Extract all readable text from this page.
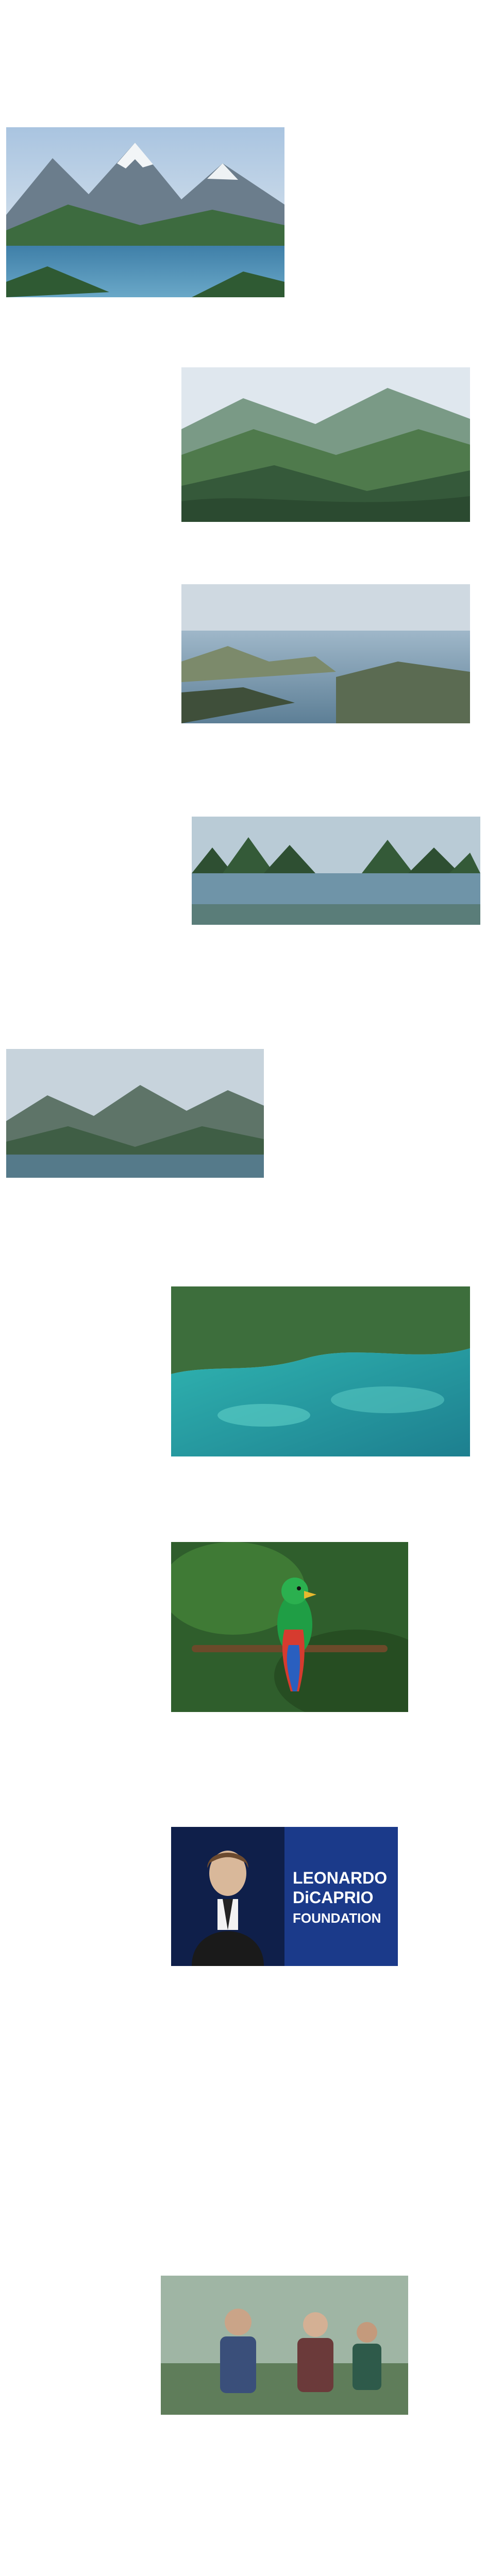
LEONARDO
DiCAPRIO
FOUNDATION
